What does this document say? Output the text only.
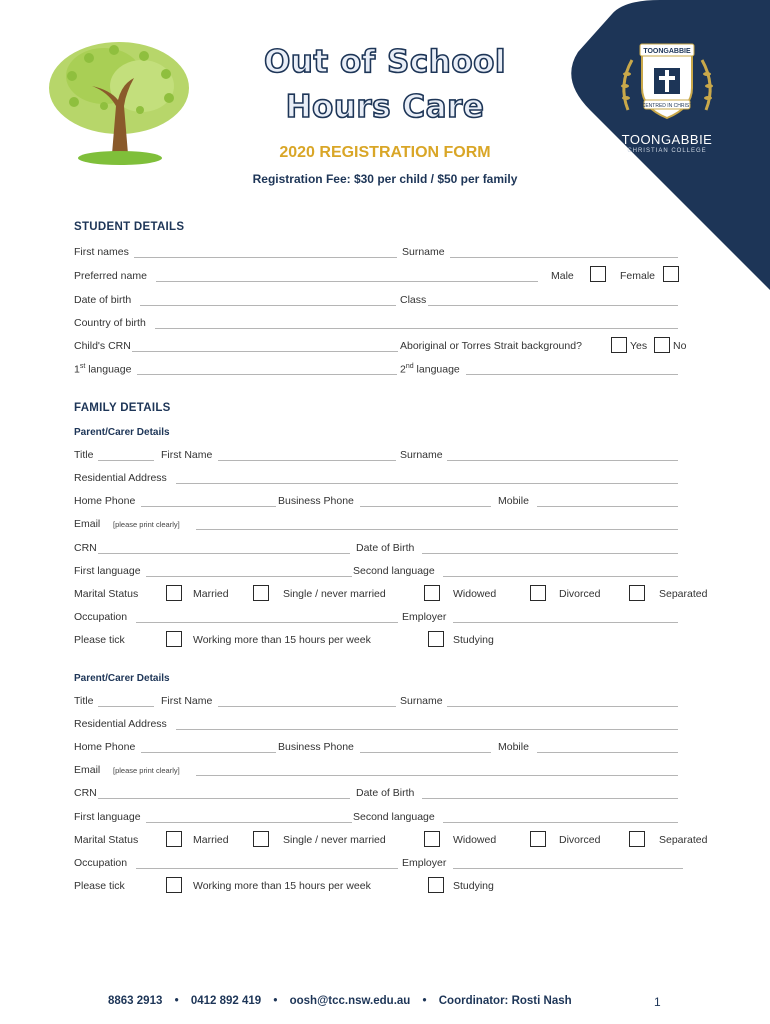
TOONGABBIE
CENTRED IN CHRIST
TOONGABBIE
CHRISTIAN COLLEGE
Out of School
Hours Care
2020 REGISTRATION FORM
Registration Fee: $30 per child / $50 per family
STUDENT DETAILS
First names	Surname
Preferred name	Male	Female
Date of birth	Class
Country of birth
Child's CRN	Aboriginal or Torres Strait background?	Yes No
1st language	2nd language
FAMILY DETAILS
Parent/Carer Details
Title	First Name	Surname
Residential Address
Home Phone	Business Phone	Mobile
Email [please print clearly]
CRN	Date of Birth
First language	Second language
Marital Status	Married	Single / never married	Widowed	Divorced	Separated
Occupation	Employer
Please tick	Working more than 15 hours per week	Studying
Parent/Carer Details
Title	First Name	Surname
Residential Address
Home Phone	Business Phone	Mobile
Email [please print clearly]
CRN	Date of Birth
First language	Second language
Marital Status	Married	Single / never married	Widowed	Divorced	Separated
Occupation	Employer
Please tick	Working more than 15 hours per week	Studying
8863 2913 • 0412 892 419 • oosh@tcc.nsw.edu.au • Coordinator: Rosti Nash	1
